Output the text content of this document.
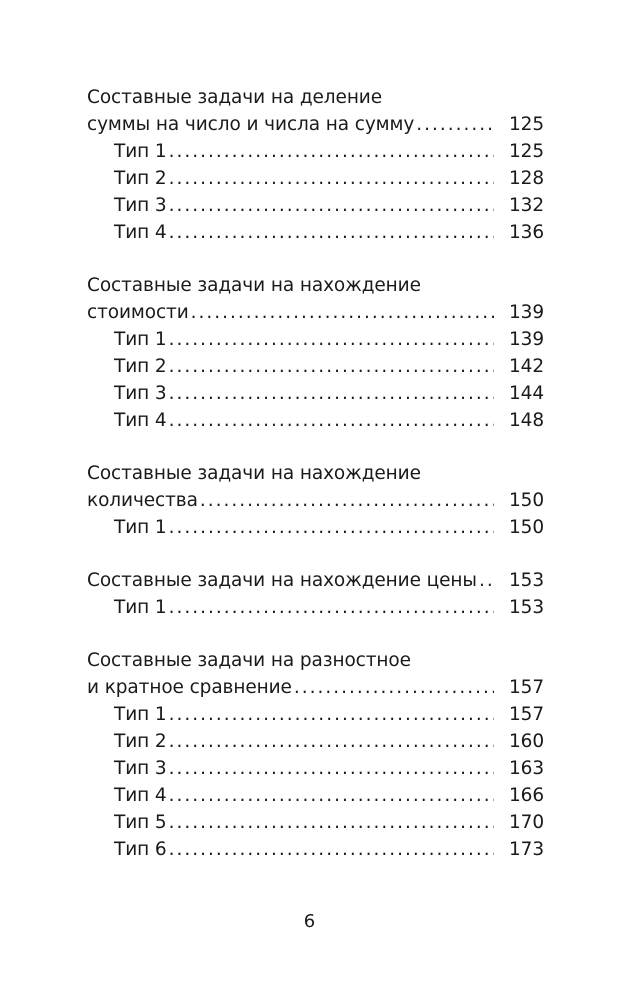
Составные задачи на деление
суммы на число и числа на сумму .....	125
Тип 1 .....	125
Тип 2 .....	128
Тип 3 .....	132
Тип 4 .....	136
Составные задачи на нахождение
стоимости .....	139
Тип 1 .....	139
Тип 2 .....	142
Тип 3 .....	144
Тип 4 .....	148
Составные задачи на нахождение
количества .....	150
Тип 1 .....	150
Составные задачи на нахождение цены .....	153
Тип 1 .....	153
Составные задачи на разностное
и кратное сравнение .....	157
Тип 1 .....	157
Тип 2 .....	160
Тип 3 .....	163
Тип 4 .....	166
Тип 5 .....	170
Тип 6 .....	173
6
